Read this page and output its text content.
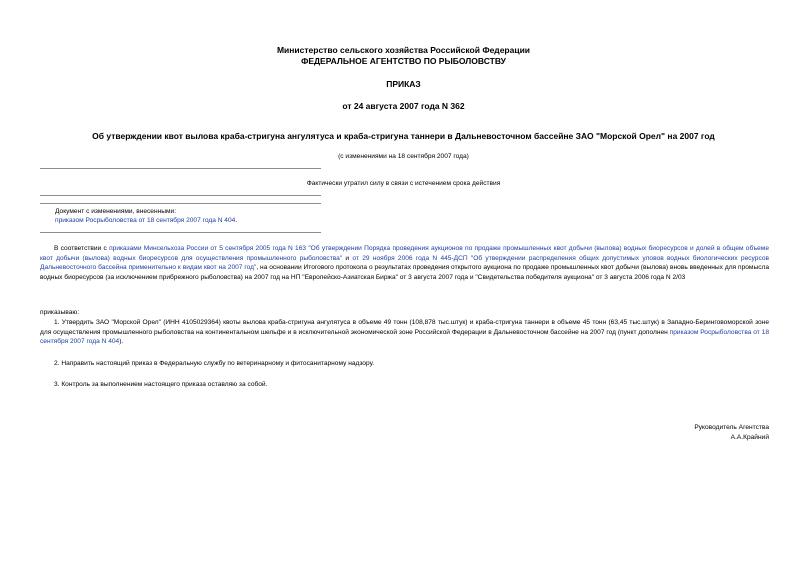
Министерство сельского хозяйства Российской Федерации
ФЕДЕРАЛЬНОЕ АГЕНТСТВО ПО РЫБОЛОВСТВУ
ПРИКАЗ
от 24 августа 2007 года N 362
Об утверждении квот вылова краба-стригуна ангулятуса и краба-стригуна таннери в Дальневосточном бассейне ЗАО "Морской Орел" на 2007 год
(с изменениями на 18 сентября 2007 года)
Фактически утратил силу в связи с истечением срока действия
Документ с изменениями, внесенными:
приказом Росрыболовства от 18 сентября 2007 года N 404.
В соответствии с приказами Минсельхоза России от 5 сентября 2005 года N 163 "Об утверждении Порядка проведения аукционов по продаже промышленных квот добычи (вылова) водных биоресурсов и долей в общем объеме квот добычи (вылова) водных биоресурсов для осуществления промышленного рыболовства" и от 29 ноября 2006 года N 445-ДСП "Об утверждении распределения общих допустимых уловов водных биологических ресурсов Дальневосточного бассейна применительно к видам квот на 2007 год", на основании Итогового протокола о результатах проведения открытого аукциона по продаже промышленных квот добычи (вылова) вновь введенных для промысла водных биоресурсов (за исключением прибрежного рыболовства) на 2007 год на НП "Европейско-Азиатская Биржа" от 3 августа 2007 года и "Свидетельства победителя аукциона" от 3 августа 2006 года N 2/03
приказываю:
1. Утвердить ЗАО "Морской Орел" (ИНН 4105029364) квоты вылова краба-стригуна ангулятуса в объеме 49 тонн (108,878 тыс.штук) и краба-стригуна таннери в объеме 45 тонн (63,45 тыс.штук) в Западно-Беринговоморской зоне для осуществления промышленного рыболовства на континентальном шельфе и в исключительной экономической зоне Российской Федерации в Дальневосточном бассейне на 2007 год (пункт дополнен приказом Росрыболовства от 18 сентября 2007 года N 404).
2. Направить настоящий приказ в Федеральную службу по ветеринарному и фитосанитарному надзору.
3. Контроль за выполнением настоящего приказа оставляю за собой.
Руководитель Агентства
А.А.Крайний
